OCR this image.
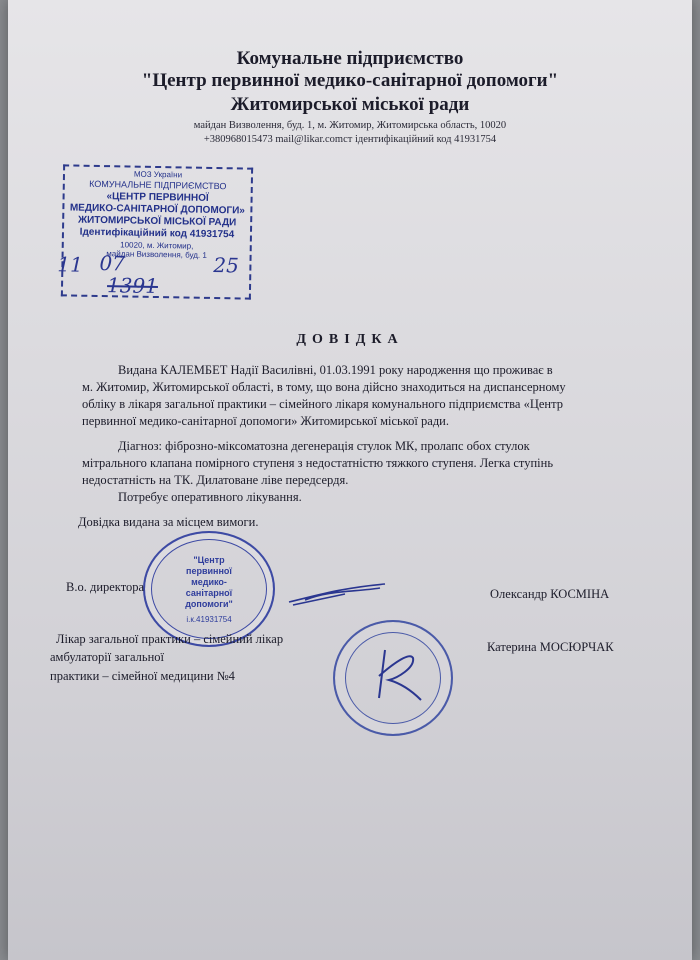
Комунальне підприємство
"Центр первинної медико-санітарної допомоги"
Житомирської міської ради
майдан Визволення, буд. 1, м. Житомир, Житомирська область, 10020
+380968015473 mail@likar.comст ідентифікаційний код 41931754
МОЗ України
КОМУНАЛЬНЕ ПІДПРИЄМСТВО
«ЦЕНТР ПЕРВИННОЇ
МЕДИКО-САНІТАРНОЇ ДОПОМОГИ»
ЖИТОМИРСЬКОЇ МІСЬКОЇ РАДИ
Ідентифікаційний код 41931754
10020, м. Житомир,
майдан Визволення, буд. 1
11 07	25
1391
ДОВІДКА
Видана КАЛЕМБЕТ Надії Василівні, 01.03.1991 року народження що проживає в
м. Житомир, Житомирської області, в тому, що вона дійсно знаходиться на диспансерному
обліку в лікаря загальної практики – сімейного лікаря комунального підприємства «Центр
первинної медико-санітарної допомоги» Житомирської міської ради.
Діагноз: фіброзно-міксоматозна дегенерація стулок МК, пролапс обох стулок
мітрального клапана помірного ступеня з недостатністю тяжкого ступеня. Легка ступінь
недостатність на ТК. Дилатоване ліве передсердя.
Потребує оперативного лікування.
Довідка видана за місцем вимоги.
"Центр
первинної
медико-
санітарної
допомоги"
і.к.41931754
В.о. директора	Олександр КОСМІНА
Лікар загальної практики – сімейний лікар
амбулаторії загальної
практики – сімейної медицини №4
Катерина МОСЮРЧАК
